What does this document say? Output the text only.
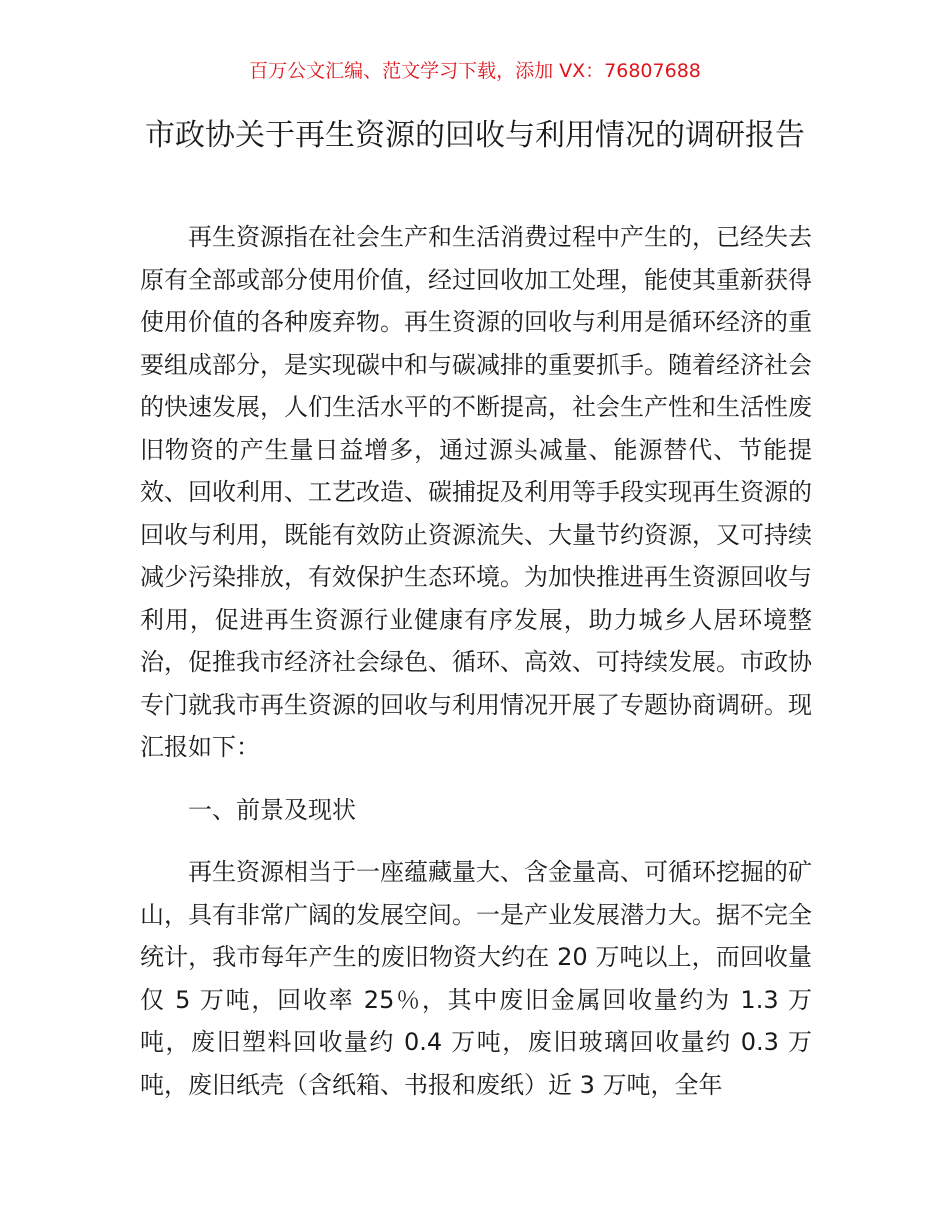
百万公文汇编、范文学习下载，添加 VX：76807688
市政协关于再生资源的回收与利用情况的调研报告

再生资源指在社会生产和生活消费过程中产生的，已经失去原有全部或部分使用价值，经过回收加工处理，能使其重新获得使用价值的各种废弃物。再生资源的回收与利用是循环经济的重要组成部分，是实现碳中和与碳减排的重要抓手。随着经济社会的快速发展，人们生活水平的不断提高，社会生产性和生活性废旧物资的产生量日益增多，通过源头减量、能源替代、节能提效、回收利用、工艺改造、碳捕捉及利用等手段实现再生资源的回收与利用，既能有效防止资源流失、大量节约资源，又可持续减少污染排放，有效保护生态环境。为加快推进再生资源回收与利用，促进再生资源行业健康有序发展，助力城乡人居环境整治，促推我市经济社会绿色、循环、高效、可持续发展。市政协专门就我市再生资源的回收与利用情况开展了专题协商调研。现汇报如下：

一、前景及现状

再生资源相当于一座蕴藏量大、含金量高、可循环挖掘的矿山，具有非常广阔的发展空间。一是产业发展潜力大。据不完全统计，我市每年产生的废旧物资大约在 20 万吨以上，而回收量仅 5 万吨，回收率 25％，其中废旧金属回收量约为 1.3 万吨，废旧塑料回收量约 0.4 万吨，废旧玻璃回收量约 0.3 万吨，废旧纸壳（含纸箱、书报和废纸）近 3 万吨，全年
